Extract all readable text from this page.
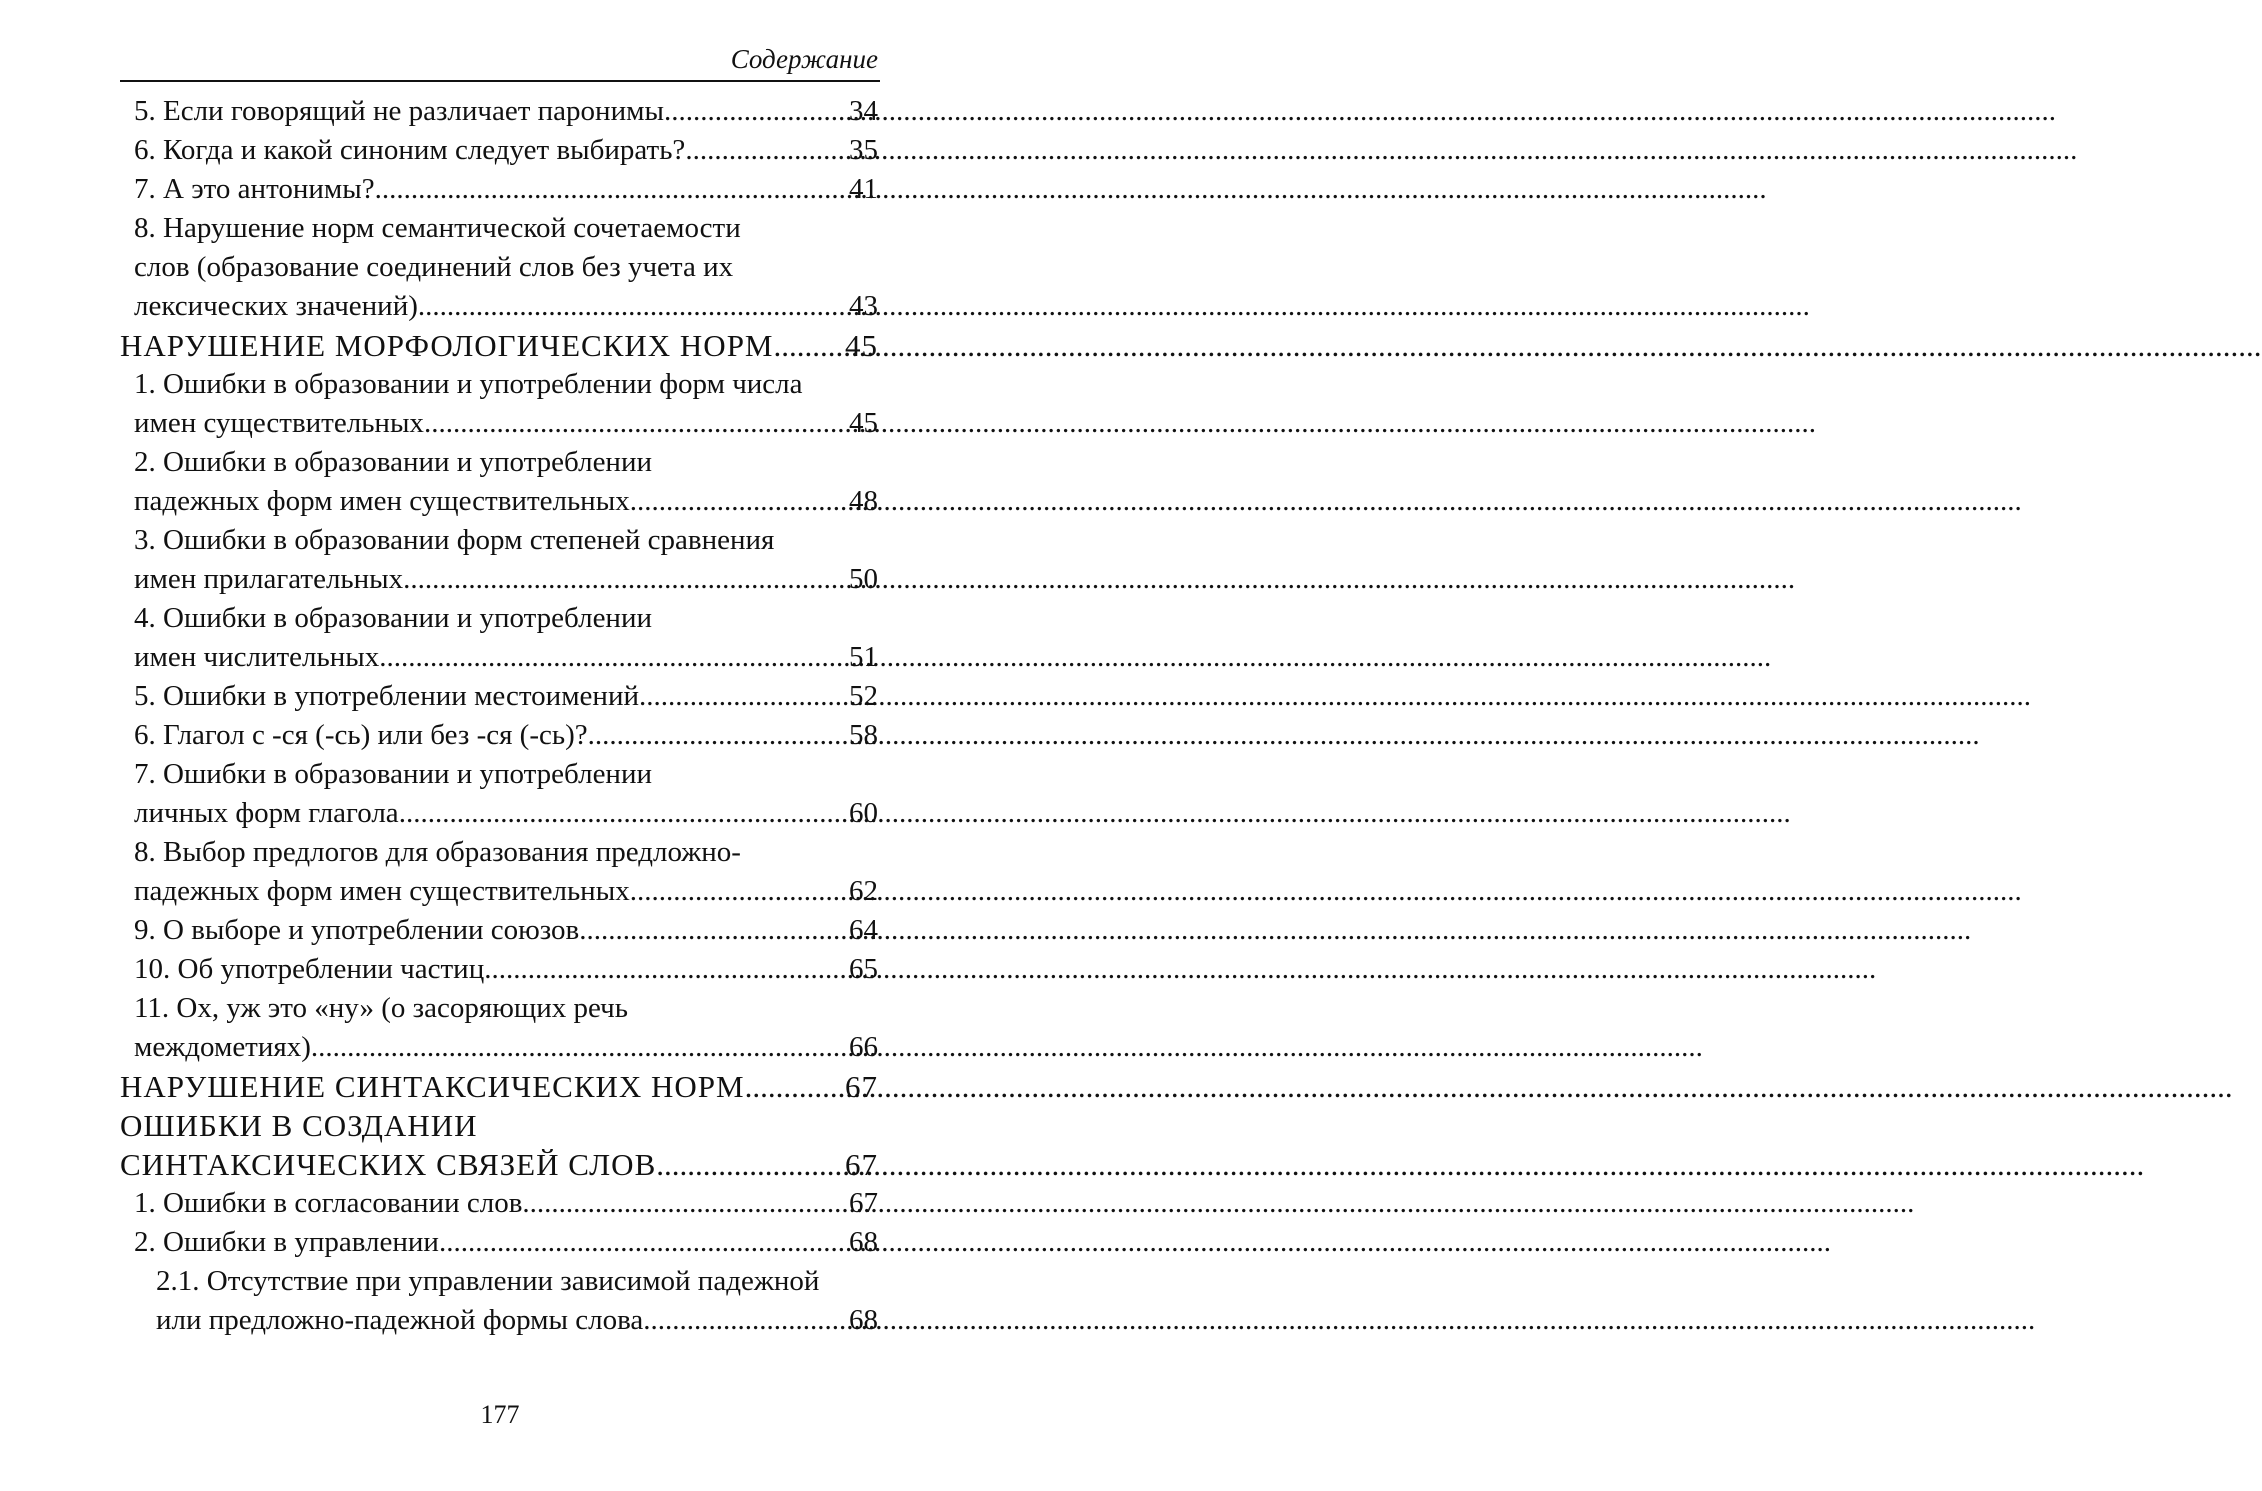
Содержание
5. Если говорящий не различает паронимы .....	34
6. Когда и какой синоним следует выбирать? .....	35
7. А это антонимы? .....	41
8. Нарушение норм семантической сочетаемости
слов (образование соединений слов без учета их
лексических значений) .....	43
НАРУШЕНИЕ МОРФОЛОГИЧЕСКИХ НОРМ ..... 45
1. Ошибки в образовании и употреблении форм числа
имен существительных .....	45
2. Ошибки в образовании и употреблении
падежных форм имен существительных .....	48
3. Ошибки в образовании форм степеней сравнения
имен прилагательных .....	50
4. Ошибки в образовании и употреблении
имен числительных .....	51
5. Ошибки в употреблении местоимений .....	52
6. Глагол с -ся (-сь) или без -ся (-сь)? .....	58
7. Ошибки в образовании и употреблении
личных форм глагола .....	60
8. Выбор предлогов для образования предложно-
падежных форм имен существительных .....	62
9. О выборе и употреблении союзов .....	64
10. Об употреблении частиц .....	65
11. Ох, уж это «ну» (о засоряющих речь
междометиях) .....	66
НАРУШЕНИЕ СИНТАКСИЧЕСКИХ НОРМ .....	67
ОШИБКИ В СОЗДАНИИ
СИНТАКСИЧЕСКИХ СВЯЗЕЙ СЛОВ .....	67
1. Ошибки в согласовании слов .....	67
2. Ошибки в управлении .....	68
2.1. Отсутствие при управлении зависимой падежной
или предложно-падежной формы слова .....	68
177
